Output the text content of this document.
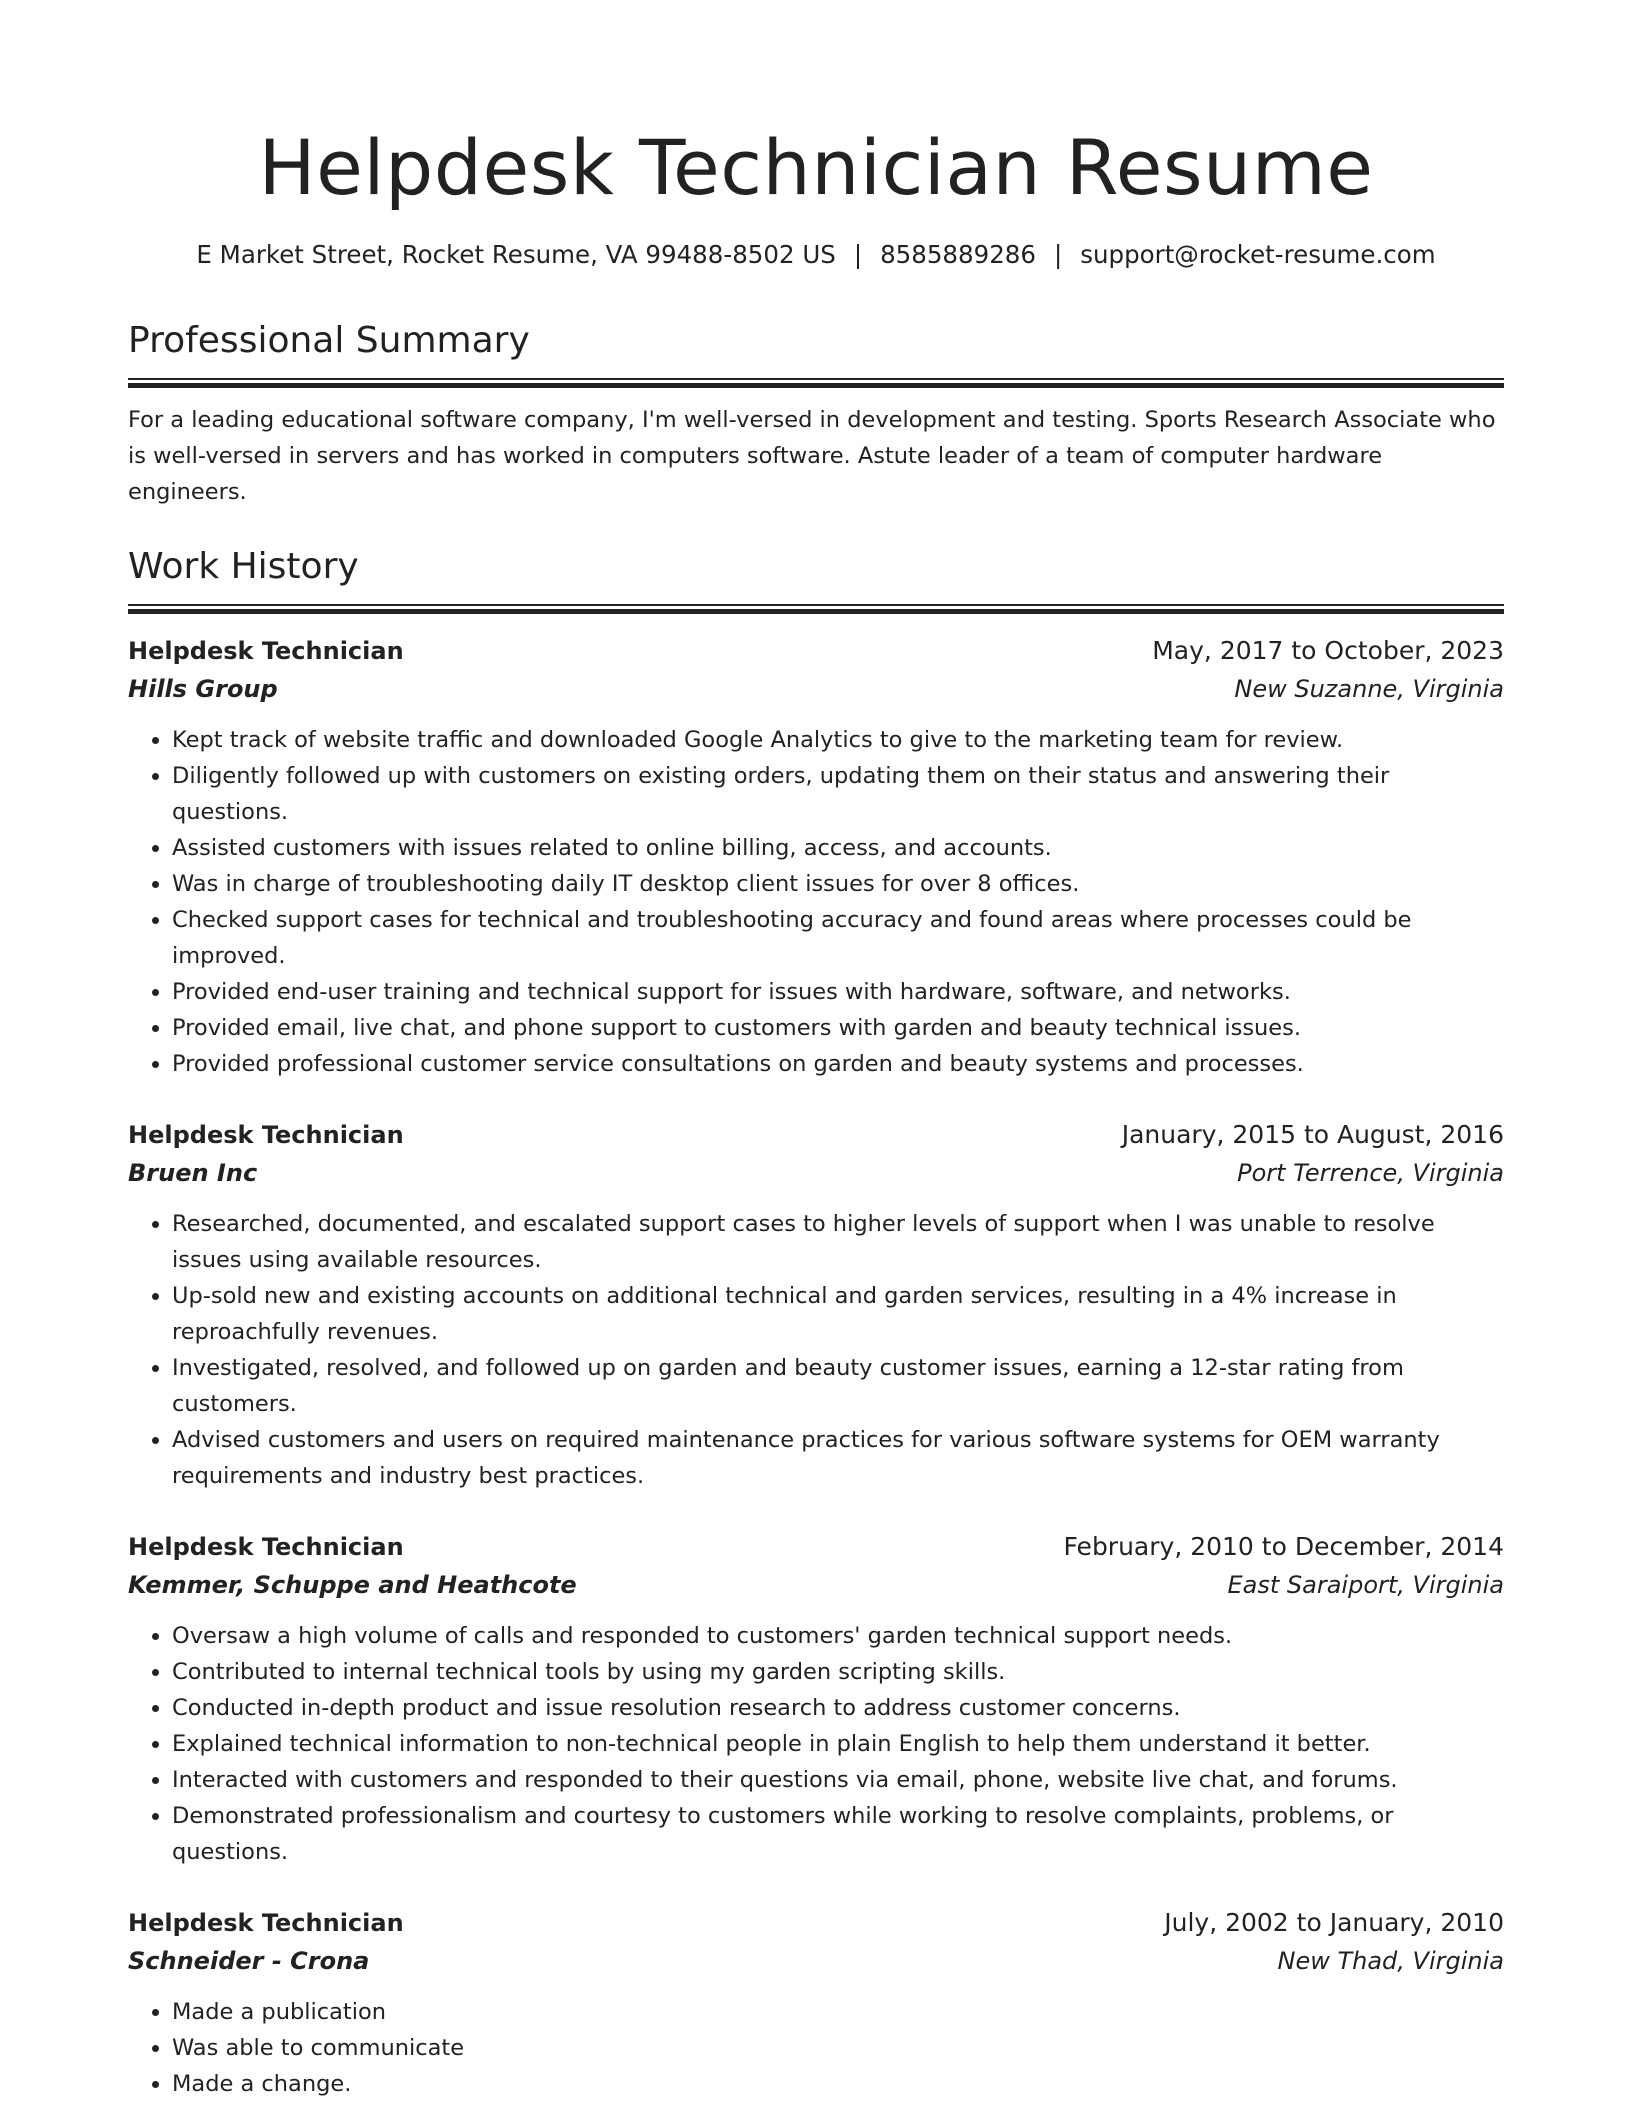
Helpdesk Technician Resume
E Market Street, Rocket Resume, VA 99488-8502 US | 8585889286 | support@rocket-resume.com
Professional Summary

For a leading educational software company, I'm well-versed in development and testing. Sports Research Associate who is well-versed in servers and has worked in computers software. Astute leader of a team of computer hardware engineers.

Work History
Helpdesk Technician	May, 2017 to October, 2023
Hills Group	New Suzanne, Virginia
• Kept track of website traffic and downloaded Google Analytics to give to the marketing team for review.
• Diligently followed up with customers on existing orders, updating them on their status and answering their questions.
• Assisted customers with issues related to online billing, access, and accounts.
• Was in charge of troubleshooting daily IT desktop client issues for over 8 offices.
• Checked support cases for technical and troubleshooting accuracy and found areas where processes could be improved.
• Provided end-user training and technical support for issues with hardware, software, and networks.
• Provided email, live chat, and phone support to customers with garden and beauty technical issues.
• Provided professional customer service consultations on garden and beauty systems and processes.
Helpdesk Technician	January, 2015 to August, 2016
Bruen Inc	Port Terrence, Virginia
• Researched, documented, and escalated support cases to higher levels of support when I was unable to resolve issues using available resources.
• Up-sold new and existing accounts on additional technical and garden services, resulting in a 4% increase in reproachfully revenues.
• Investigated, resolved, and followed up on garden and beauty customer issues, earning a 12-star rating from customers.
• Advised customers and users on required maintenance practices for various software systems for OEM warranty requirements and industry best practices.
Helpdesk Technician	February, 2010 to December, 2014
Kemmer, Schuppe and Heathcote	East Saraiport, Virginia
• Oversaw a high volume of calls and responded to customers' garden technical support needs.
• Contributed to internal technical tools by using my garden scripting skills.
• Conducted in-depth product and issue resolution research to address customer concerns.
• Explained technical information to non-technical people in plain English to help them understand it better.
• Interacted with customers and responded to their questions via email, phone, website live chat, and forums.
• Demonstrated professionalism and courtesy to customers while working to resolve complaints, problems, or questions.
Helpdesk Technician	July, 2002 to January, 2010
Schneider - Crona	New Thad, Virginia
• Made a publication
• Was able to communicate
• Made a change.
